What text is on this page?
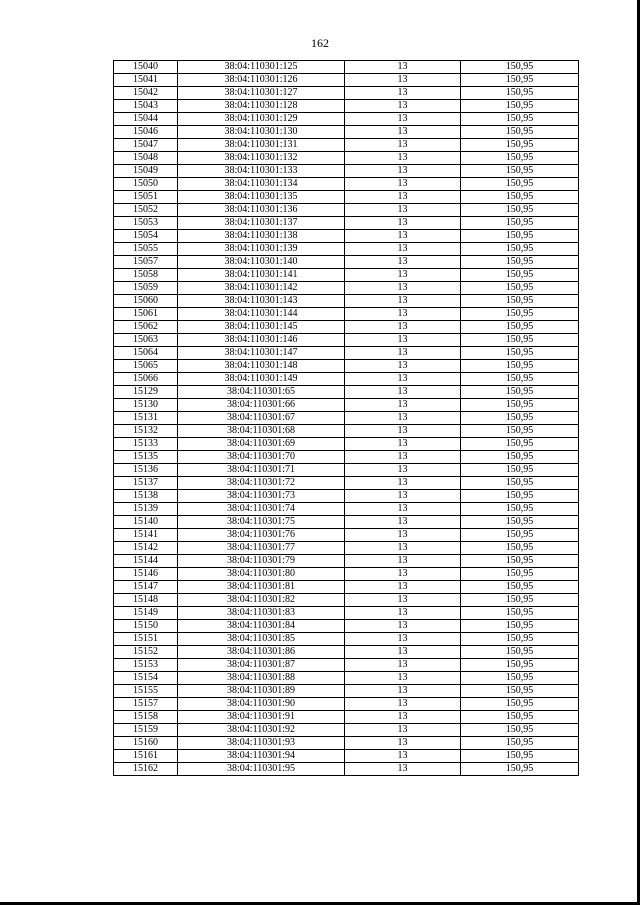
162
15040	38:04:110301:125	13	150,95
15041	38:04:110301:126	13	150,95
15042	38:04:110301:127	13	150,95
15043	38:04:110301:128	13	150,95
15044	38:04:110301:129	13	150,95
15046	38:04:110301:130	13	150,95
15047	38:04:110301:131	13	150,95
15048	38:04:110301:132	13	150,95
15049	38:04:110301:133	13	150,95
15050	38:04:110301:134	13	150,95
15051	38:04:110301:135	13	150,95
15052	38:04:110301:136	13	150,95
15053	38:04:110301:137	13	150,95
15054	38:04:110301:138	13	150,95
15055	38:04:110301:139	13	150,95
15057	38:04:110301:140	13	150,95
15058	38:04:110301:141	13	150,95
15059	38:04:110301:142	13	150,95
15060	38:04:110301:143	13	150,95
15061	38:04:110301:144	13	150,95
15062	38:04:110301:145	13	150,95
15063	38:04:110301:146	13	150,95
15064	38:04:110301:147	13	150,95
15065	38:04:110301:148	13	150,95
15066	38:04:110301:149	13	150,95
15129	38:04:110301:65	13	150,95
15130	38:04:110301:66	13	150,95
15131	38:04:110301:67	13	150,95
15132	38:04:110301:68	13	150,95
15133	38:04:110301:69	13	150,95
15135	38:04:110301:70	13	150,95
15136	38:04:110301:71	13	150,95
15137	38:04:110301:72	13	150,95
15138	38:04:110301:73	13	150,95
15139	38:04:110301:74	13	150,95
15140	38:04:110301:75	13	150,95
15141	38:04:110301:76	13	150,95
15142	38:04:110301:77	13	150,95
15144	38:04:110301:79	13	150,95
15146	38:04:110301:80	13	150,95
15147	38:04:110301:81	13	150,95
15148	38:04:110301:82	13	150,95
15149	38:04:110301:83	13	150,95
15150	38:04:110301:84	13	150,95
15151	38:04:110301:85	13	150,95
15152	38:04:110301:86	13	150,95
15153	38:04:110301:87	13	150,95
15154	38:04:110301:88	13	150,95
15155	38:04:110301:89	13	150,95
15157	38:04:110301:90	13	150,95
15158	38:04:110301:91	13	150,95
15159	38:04:110301:92	13	150,95
15160	38:04:110301:93	13	150,95
15161	38:04:110301:94	13	150,95
15162	38:04:110301:95	13	150,95
